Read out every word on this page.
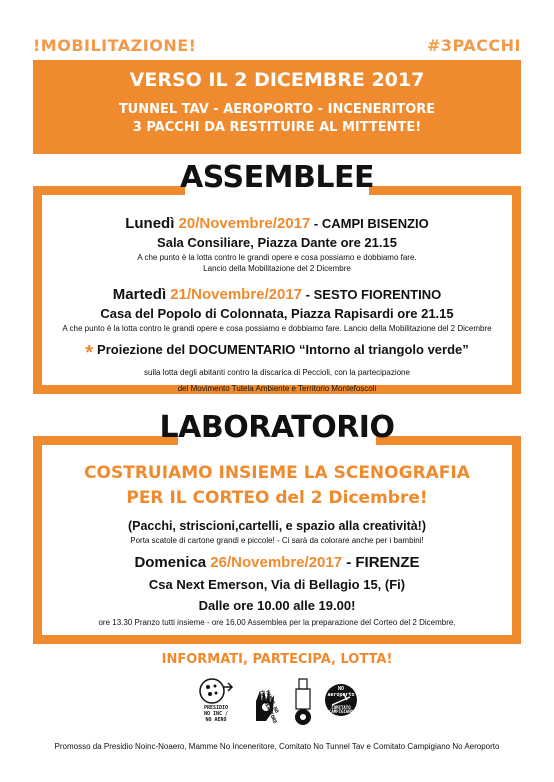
!MOBILITAZIONE!	#3PACCHI
VERSO IL 2 DICEMBRE 2017
TUNNEL TAV - AEROPORTO - INCENERITORE
3 PACCHI DA RESTITUIRE AL MITTENTE!
ASSEMBLEE
Lunedì 20/Novembre/2017 - CAMPI BISENZIO
Sala Consiliare, Piazza Dante ore 21.15
A che punto è la lotta contro le grandi opere e cosa possiamo e dobbiamo fare.
Lancio della Mobilitazione del 2 Dicembre
Martedì 21/Novembre/2017 - SESTO FIORENTINO
Casa del Popolo di Colonnata, Piazza Rapisardi ore 21.15
A che punto è la lotta contro le grandi opere e cosa possiamo e dobbiamo fare. Lancio della Mobilitazione del 2 Dicembre
* Proiezione del DOCUMENTARIO “Intorno al triangolo verde”
sulla lotta degli abitanti contro la discarica di Peccioli, con la partecipazione
del Movimento Tutela Ambiente e Territorio Montefoscoli
LABORATORIO
COSTRUIAMO INSIEME LA SCENOGRAFIA
PER IL CORTEO del 2 Dicembre!
(Pacchi, striscioni,cartelli, e spazio alla creatività!)
Porta scatole di cartone grandi e piccole! - Ci sarà da colorare anche per i bambini!
Domenica 26/Novembre/2017 - FIRENZE
Csa Next Emerson, Via di Bellagio 15, (Fi)
Dalle ore 10.00 alle 19.00!
ore 13.30 Pranzo tutti insieme - ore 16.00 Assemblea per la preparazione del Corteo del 2 Dicembre.
INFORMATI, PARTECIPA, LOTTA!
PRESIDIO
NO INC /
NO AERO
MAMME NO
INCENERITORE
NO
aeroporto
COMITATO
CAMPIGIANO
Promosso da Presidio Noinc-Noaero, Mamme No Inceneritore, Comitato No Tunnel Tav e Comitato Campigiano No Aeroporto
